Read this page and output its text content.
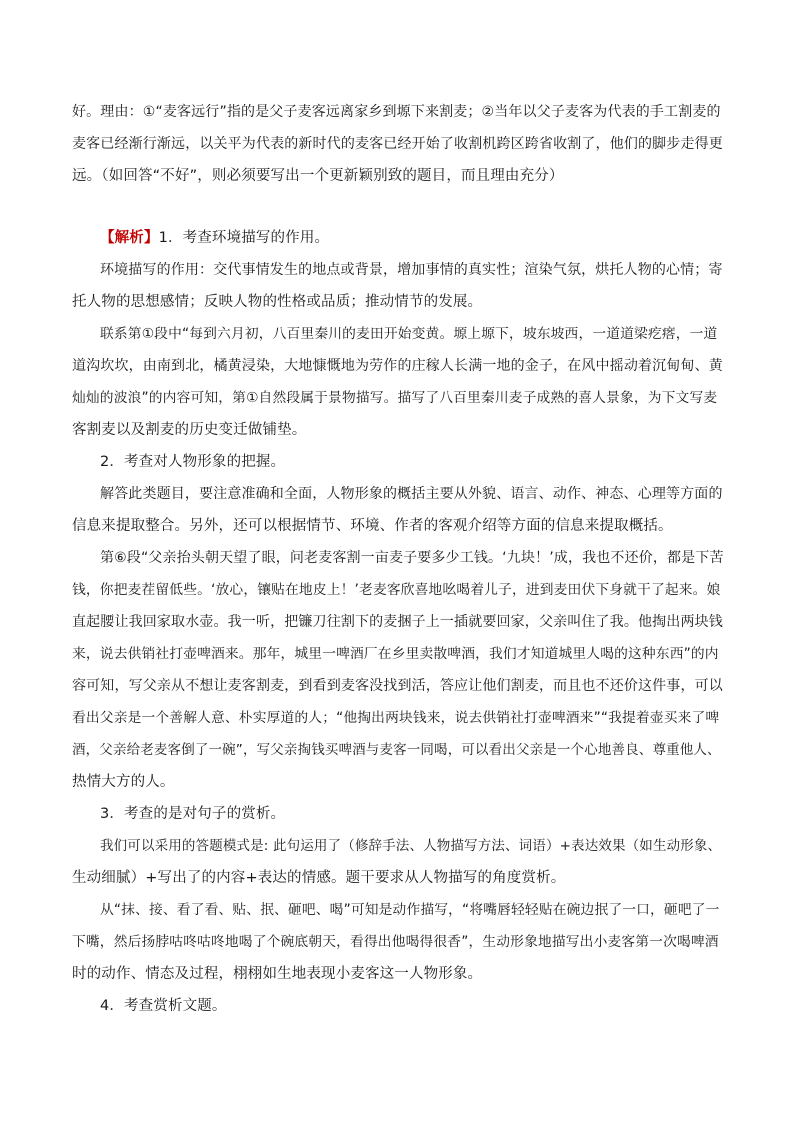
好。理由：①“麦客远行”指的是父子麦客远离家乡到塬下来割麦；②当年以父子麦客为代表的手工割麦的
麦客已经渐行渐远，以关平为代表的新时代的麦客已经开始了收割机跨区跨省收割了，他们的脚步走得更
远。（如回答“不好”，则必须要写出一个更新颖别致的题目，而且理由充分）
【解析】1．考查环境描写的作用。
环境描写的作用：交代事情发生的地点或背景，增加事情的真实性；渲染气氛，烘托人物的心情；寄
托人物的思想感情；反映人物的性格或品质；推动情节的发展。
联系第①段中“每到六月初，八百里秦川的麦田开始变黄。塬上塬下，坡东坡西，一道道梁疙瘩，一道
道沟坎坎，由南到北，橘黄浸染，大地慷慨地为劳作的庄稼人长满一地的金子，在风中摇动着沉甸甸、黄
灿灿的波浪”的内容可知，第①自然段属于景物描写。描写了八百里秦川麦子成熟的喜人景象，为下文写麦
客割麦以及割麦的历史变迁做铺垫。
2．考查对人物形象的把握。
解答此类题目，要注意准确和全面，人物形象的概括主要从外貌、语言、动作、神态、心理等方面的
信息来提取整合。另外，还可以根据情节、环境、作者的客观介绍等方面的信息来提取概括。
第⑥段“父亲抬头朝天望了眼，问老麦客割一亩麦子要多少工钱。‘九块！’成，我也不还价，都是下苦
钱，你把麦茬留低些。‘放心，镶贴在地皮上！’老麦客欣喜地吆喝着儿子，进到麦田伏下身就干了起来。娘
直起腰让我回家取水壶。我一听，把镰刀往割下的麦捆子上一插就要回家，父亲叫住了我。他掏出两块钱
来，说去供销社打壶啤酒来。那年，城里一啤酒厂在乡里卖散啤酒，我们才知道城里人喝的这种东西”的内
容可知，写父亲从不想让麦客割麦，到看到麦客没找到活，答应让他们割麦，而且也不还价这件事，可以
看出父亲是一个善解人意、朴实厚道的人；“他掏出两块钱来，说去供销社打壶啤酒来”“我提着壶买来了啤
酒，父亲给老麦客倒了一碗”，写父亲掏钱买啤酒与麦客一同喝，可以看出父亲是一个心地善良、尊重他人、
热情大方的人。
3．考查的是对句子的赏析。
我们可以采用的答题模式是: 此句运用了（修辞手法、人物描写方法、词语）+表达效果（如生动形象、
生动细腻）+写出了的内容+表达的情感。题干要求从人物描写的角度赏析。
从“抹、接、看了看、贴、抿、砸吧、喝”可知是动作描写，“将嘴唇轻轻贴在碗边抿了一口，砸吧了一
下嘴，然后扬脖咕咚咕咚地喝了个碗底朝天，看得出他喝得很香”，生动形象地描写出小麦客第一次喝啤酒
时的动作、情态及过程，栩栩如生地表现小麦客这一人物形象。
4．考查赏析文题。
